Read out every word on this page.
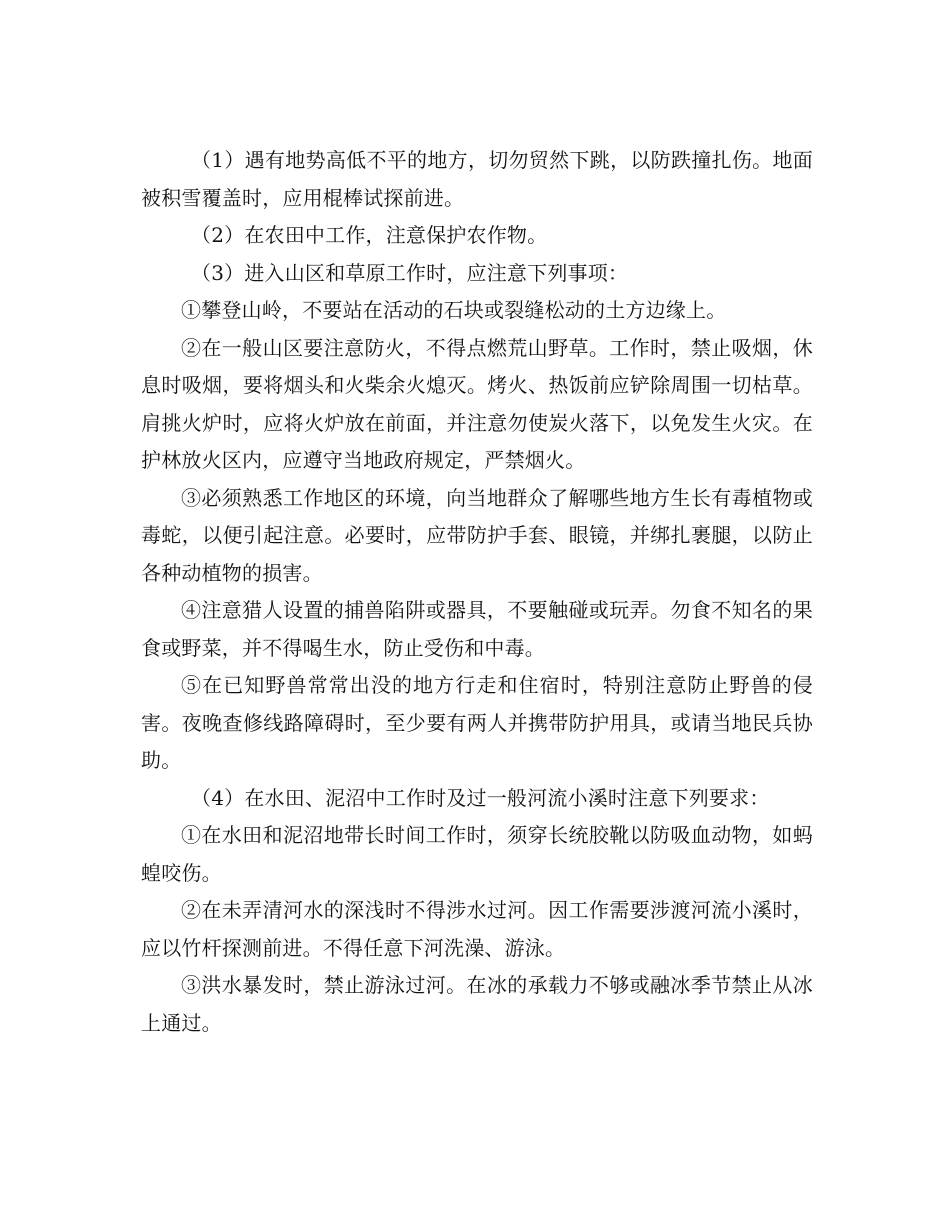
（1）遇有地势高低不平的地方，切勿贸然下跳，以防跌撞扎伤。地面被积雪覆盖时，应用棍棒试探前进。

（2）在农田中工作，注意保护农作物。

（3）进入山区和草原工作时，应注意下列事项：

①攀登山岭，不要站在活动的石块或裂缝松动的土方边缘上。

②在一般山区要注意防火，不得点燃荒山野草。工作时，禁止吸烟，休息时吸烟，要将烟头和火柴余火熄灭。烤火、热饭前应铲除周围一切枯草。肩挑火炉时，应将火炉放在前面，并注意勿使炭火落下，以免发生火灾。在护林放火区内，应遵守当地政府规定，严禁烟火。

③必须熟悉工作地区的环境，向当地群众了解哪些地方生长有毒植物或毒蛇，以便引起注意。必要时，应带防护手套、眼镜，并绑扎裹腿，以防止各种动植物的损害。

④注意猎人设置的捕兽陷阱或器具，不要触碰或玩弄。勿食不知名的果食或野菜，并不得喝生水，防止受伤和中毒。

⑤在已知野兽常常出没的地方行走和住宿时，特别注意防止野兽的侵害。夜晚查修线路障碍时，至少要有两人并携带防护用具，或请当地民兵协助。

（4）在水田、泥沼中工作时及过一般河流小溪时注意下列要求：

①在水田和泥沼地带长时间工作时，须穿长统胶靴以防吸血动物，如蚂蝗咬伤。

②在未弄清河水的深浅时不得涉水过河。因工作需要涉渡河流小溪时，应以竹杆探测前进。不得任意下河洗澡、游泳。

③洪水暴发时，禁止游泳过河。在冰的承载力不够或融冰季节禁止从冰上通过。
